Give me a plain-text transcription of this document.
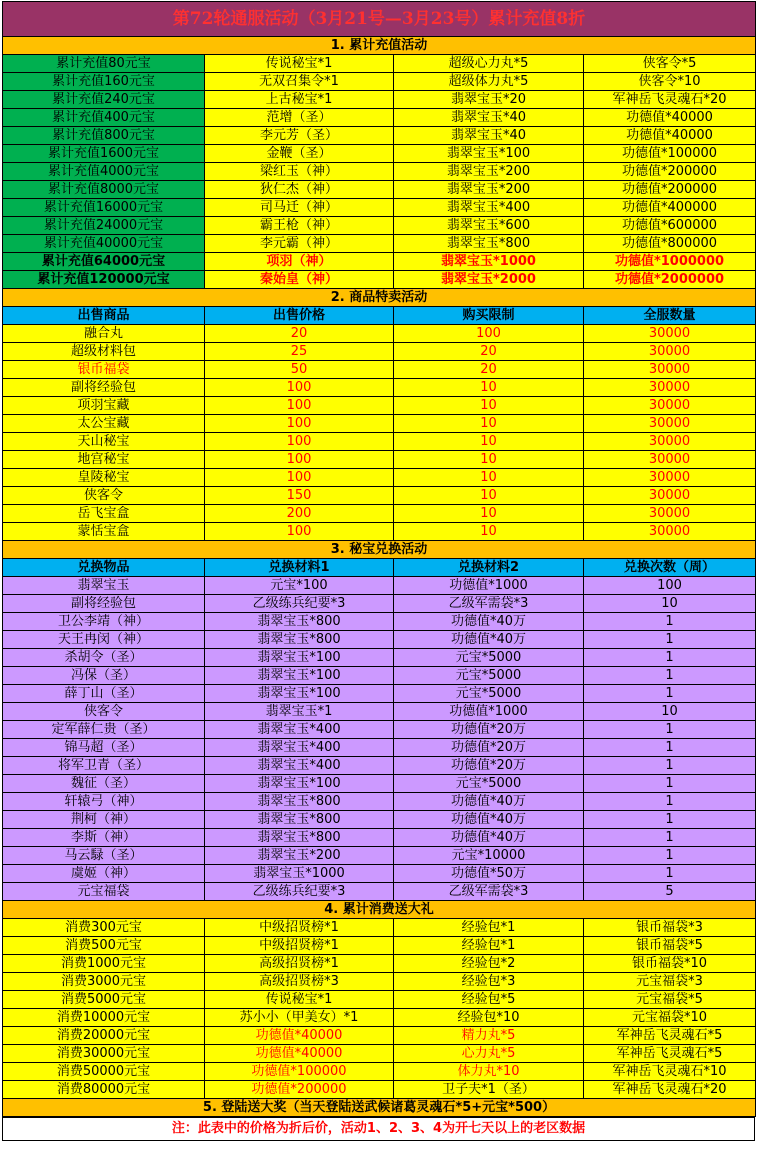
第72轮通服活动（3月21号—3月23号）累计充值8折			
1. 累计充值活动			
累计充值80元宝	传说秘宝*1	超级心力丸*5	侠客令*5
累计充值160元宝	无双召集令*1	超级体力丸*5	侠客令*10
累计充值240元宝	上古秘宝*1	翡翠宝玉*20	军神岳飞灵魂石*20
累计充值400元宝	范增（圣）	翡翠宝玉*40	功德值*40000
累计充值800元宝	李元芳（圣）	翡翠宝玉*40	功德值*40000
累计充值1600元宝	金鞭（圣）	翡翠宝玉*100	功德值*100000
累计充值4000元宝	梁红玉（神）	翡翠宝玉*200	功德值*200000
累计充值8000元宝	狄仁杰（神）	翡翠宝玉*200	功德值*200000
累计充值16000元宝	司马迁（神）	翡翠宝玉*400	功德值*400000
累计充值24000元宝	霸王枪（神）	翡翠宝玉*600	功德值*600000
累计充值40000元宝	李元霸（神）	翡翠宝玉*800	功德值*800000
累计充值64000元宝	项羽（神）	翡翠宝玉*1000	功德值*1000000
累计充值120000元宝	秦始皇（神）	翡翠宝玉*2000	功德值*2000000
2. 商品特卖活动			
出售商品	出售价格	购买限制	全服数量
融合丸	20	100	30000
超级材料包	25	20	30000
银币福袋	50	20	30000
副将经验包	100	10	30000
项羽宝藏	100	10	30000
太公宝藏	100	10	30000
天山秘宝	100	10	30000
地宫秘宝	100	10	30000
皇陵秘宝	100	10	30000
侠客令	150	10	30000
岳飞宝盒	200	10	30000
蒙恬宝盒	100	10	30000
3. 秘宝兑换活动			
兑换物品	兑换材料1	兑换材料2	兑换次数（周）
翡翠宝玉	元宝*100	功德值*1000	100
副将经验包	乙级练兵纪要*3	乙级军需袋*3	10
卫公李靖（神）	翡翠宝玉*800	功德值*40万	1
天王冉闵（神）	翡翠宝玉*800	功德值*40万	1
杀胡令（圣）	翡翠宝玉*100	元宝*5000	1
冯保（圣）	翡翠宝玉*100	元宝*5000	1
薛丁山（圣）	翡翠宝玉*100	元宝*5000	1
侠客令	翡翠宝玉*1	功德值*1000	10
定军薛仁贵（圣）	翡翠宝玉*400	功德值*20万	1
锦马超（圣）	翡翠宝玉*400	功德值*20万	1
将军卫青（圣）	翡翠宝玉*400	功德值*20万	1
魏征（圣）	翡翠宝玉*100	元宝*5000	1
轩辕弓（神）	翡翠宝玉*800	功德值*40万	1
荆柯（神）	翡翠宝玉*800	功德值*40万	1
李斯（神）	翡翠宝玉*800	功德值*40万	1
马云騄（圣）	翡翠宝玉*200	元宝*10000	1
虞姬（神）	翡翠宝玉*1000	功德值*50万	1
元宝福袋	乙级练兵纪要*3	乙级军需袋*3	5
4. 累计消费送大礼			
消费300元宝	中级招贤榜*1	经验包*1	银币福袋*3
消费500元宝	中级招贤榜*1	经验包*1	银币福袋*5
消费1000元宝	高级招贤榜*1	经验包*2	银币福袋*10
消费3000元宝	高级招贤榜*3	经验包*3	元宝福袋*3
消费5000元宝	传说秘宝*1	经验包*5	元宝福袋*5
消费10000元宝	苏小小（甲美女）*1	经验包*10	元宝福袋*10
消费20000元宝	功德值*40000	精力丸*5	军神岳飞灵魂石*5
消费30000元宝	功德值*40000	心力丸*5	军神岳飞灵魂石*5
消费50000元宝	功德值*100000	体力丸*10	军神岳飞灵魂石*10
消费80000元宝	功德值*200000	卫子夫*1（圣）	军神岳飞灵魂石*20
5. 登陆送大奖（当天登陆送武候诸葛灵魂石*5+元宝*500）			
注：此表中的价格为折后价，活动1、2、3、4为开七天以上的老区数据
